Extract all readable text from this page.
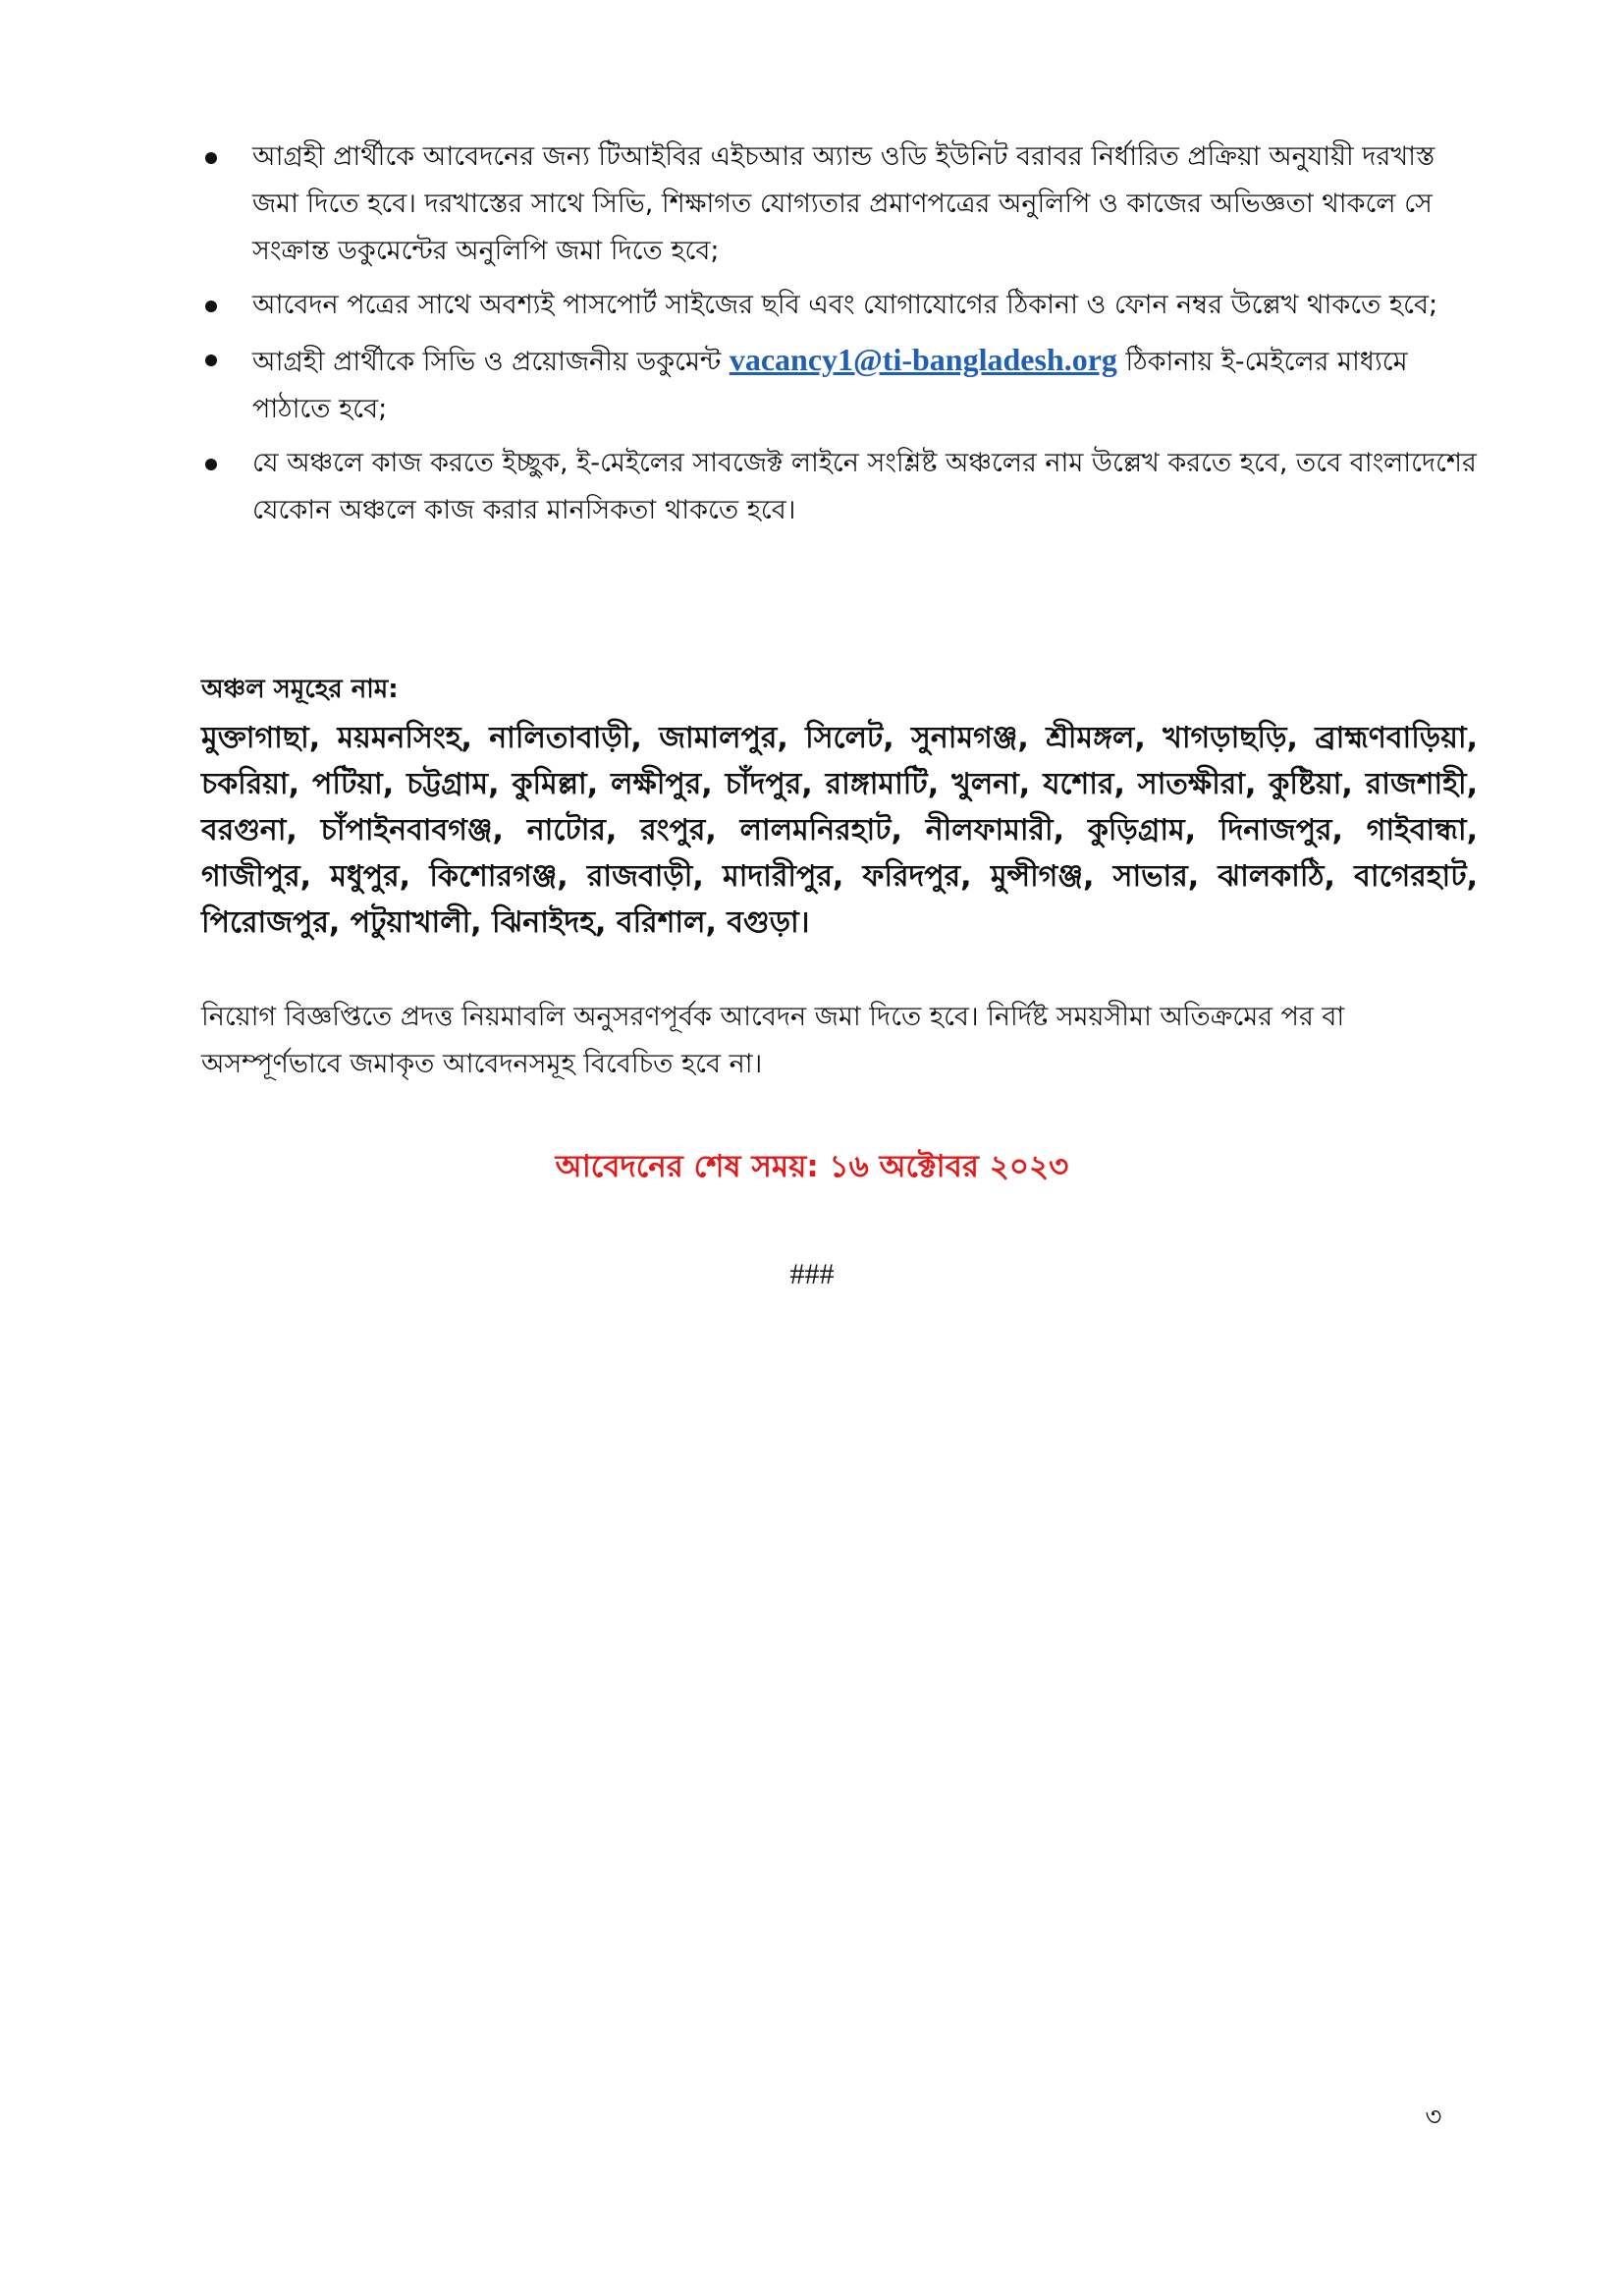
আগ্রহী প্রার্থীকে আবেদনের জন্য টিআইবির এইচআর অ্যান্ড ওডি ইউনিট বরাবর নির্ধারিত প্রক্রিয়া অনুযায়ী দরখাস্ত জমা দিতে হবে। দরখাস্তের সাথে সিভি, শিক্ষাগত যোগ্যতার প্রমাণপত্রের অনুলিপি ও কাজের অভিজ্ঞতা থাকলে সে সংক্রান্ত ডকুমেন্টের অনুলিপি জমা দিতে হবে;
আবেদন পত্রের সাথে অবশ্যই পাসপোর্ট সাইজের ছবি এবং যোগাযোগের ঠিকানা ও ফোন নম্বর উল্লেখ থাকতে হবে;
আগ্রহী প্রার্থীকে সিভি ও প্রয়োজনীয় ডকুমেন্ট vacancy1@ti-bangladesh.org ঠিকানায় ই-মেইলের মাধ্যমে পাঠাতে হবে;
যে অঞ্চলে কাজ করতে ইচ্ছুক, ই-মেইলের সাবজেক্ট লাইনে সংশ্লিষ্ট অঞ্চলের নাম উল্লেখ করতে হবে, তবে বাংলাদেশের যেকোন অঞ্চলে কাজ করার মানসিকতা থাকতে হবে।

অঞ্চল সমূহের নাম:

মুক্তাগাছা, ময়মনসিংহ, নালিতাবাড়ী, জামালপুর, সিলেট, সুনামগঞ্জ, শ্রীমঙ্গল, খাগড়াছড়ি, ব্রাহ্মণবাড়িয়া, চকরিয়া, পটিয়া, চট্টগ্রাম, কুমিল্লা, লক্ষীপুর, চাঁদপুর, রাঙ্গামাটি, খুলনা, যশোর, সাতক্ষীরা, কুষ্টিয়া, রাজশাহী, বরগুনা, চাঁপাইনবাবগঞ্জ, নাটোর, রংপুর, লালমনিরহাট, নীলফামারী, কুড়িগ্রাম, দিনাজপুর, গাইবান্ধা, গাজীপুর, মধুপুর, কিশোরগঞ্জ, রাজবাড়ী, মাদারীপুর, ফরিদপুর, মুন্সীগঞ্জ, সাভার, ঝালকাঠি, বাগেরহাট, পিরোজপুর, পটুয়াখালী, ঝিনাইদহ, বরিশাল, বগুড়া।

নিয়োগ বিজ্ঞপ্তিতে প্রদত্ত নিয়মাবলি অনুসরণপূর্বক আবেদন জমা দিতে হবে। নির্দিষ্ট সময়সীমা অতিক্রমের পর বা অসম্পূর্ণভাবে জমাকৃত আবেদনসমূহ বিবেচিত হবে না।

আবেদনের শেষ সময়: ১৬ অক্টোবর ২০২৩

###

৩
